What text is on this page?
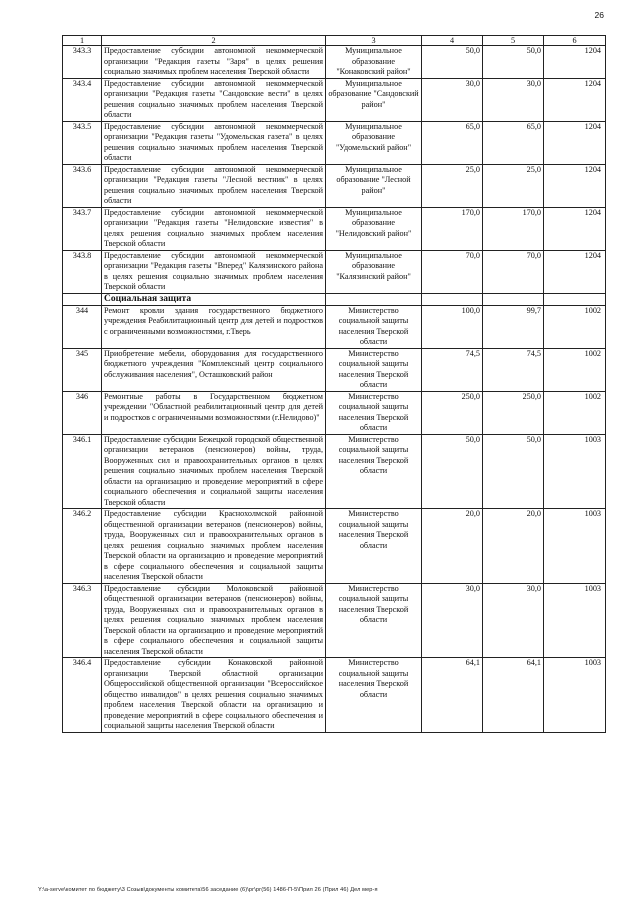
26
1	2	3	4	5	6
343.3	Предоставление субсидии автономной некоммерческой организации "Редакция газеты "Заря" в целях решения социально значимых проблем населения Тверской области	Муниципальное образование "Конаковский район"	50,0	50,0	1204
343.4	Предоставление субсидии автономной некоммерческой организации "Редакция газеты "Сандовские вести" в целях решения социально значимых проблем населения Тверской области	Муниципальное образование "Сандовский район"	30,0	30,0	1204
343.5	Предоставление субсидии автономной некоммерческой организации "Редакция газеты "Удомельская газета" в целях решения социально значимых проблем населения Тверской области	Муниципальное образование "Удомельский район"	65,0	65,0	1204
343.6	Предоставление субсидии автономной некоммерческой организации "Редакция газеты "Лесной вестник" в целях решения социально значимых проблем населения Тверской области	Муниципальное образование "Лесной район"	25,0	25,0	1204
343.7	Предоставление субсидии автономной некоммерческой организации "Редакция газеты "Нелидовские известия" в целях решения социально значимых проблем населения Тверской области	Муниципальное образование "Нелидовский район"	170,0	170,0	1204
343.8	Предоставление субсидии автономной некоммерческой организации "Редакция газеты "Вперед" Калязинского района в целях решения социально значимых проблем населения Тверской области	Муниципальное образование "Калязинский район"	70,0	70,0	1204
	Социальная защита				
344	Ремонт кровли здания государственного бюджетного учреждения Реабилитационный центр для детей и подростков с ограниченными возможностями, г.Тверь	Министерство социальной защиты населения Тверской области	100,0	99,7	1002
345	Приобретение мебели, оборудования для государственного бюджетного учреждения "Комплексный центр социального обслуживания населения", Осташковский район	Министерство социальной защиты населения Тверской области	74,5	74,5	1002
346	Ремонтные работы в Государственном бюджетном учреждении "Областной реабилитационный центр для детей и подростков с ограниченными возможностями (г.Нелидово)"	Министерство социальной защиты населения Тверской области	250,0	250,0	1002
346.1	Предоставление субсидии Бежецкой городской общественной организации ветеранов (пенсионеров) войны, труда, Вооруженных сил и правоохранительных органов в целях решения социально значимых проблем населения Тверской области на организацию и проведение мероприятий в сфере социального обеспечения и социальной защиты населения Тверской области	Министерство социальной защиты населения Тверской области	50,0	50,0	1003
346.2	Предоставление субсидии Краснохолмской районной общественной организации ветеранов (пенсионеров) войны, труда, Вооруженных сил и правоохранительных органов в целях решения социально значимых проблем населения Тверской области на организацию и проведение мероприятий в сфере социального обеспечения и социальной защиты населения Тверской области	Министерство социальной защиты населения Тверской области	20,0	20,0	1003
346.3	Предоставление субсидии Молоковской районной общественной организации ветеранов (пенсионеров) войны, труда, Вооруженных сил и правоохранительных органов в целях решения социально значимых проблем населения Тверской области на организацию и проведение мероприятий в сфере социального обеспечения и социальной защиты населения Тверской области	Министерство социальной защиты населения Тверской области	30,0	30,0	1003
346.4	Предоставление субсидии Конаковской районной организации Тверской областной организации Общероссийской общественной организации "Всероссийское общество инвалидов" в целях решения социально значимых проблем населения Тверской области на организацию и проведение мероприятий в сфере социального обеспечения и социальной защиты населения Тверской области	Министерство социальной защиты населения Тверской области	64,1	64,1	1003
Y:\а-serve\комитет по бюджету\3 Созыв\документы комитета\56 заседание (6)\рг\рг(56) 1486-П-5\Прил 26 (Прил 46) Дел мер-я
